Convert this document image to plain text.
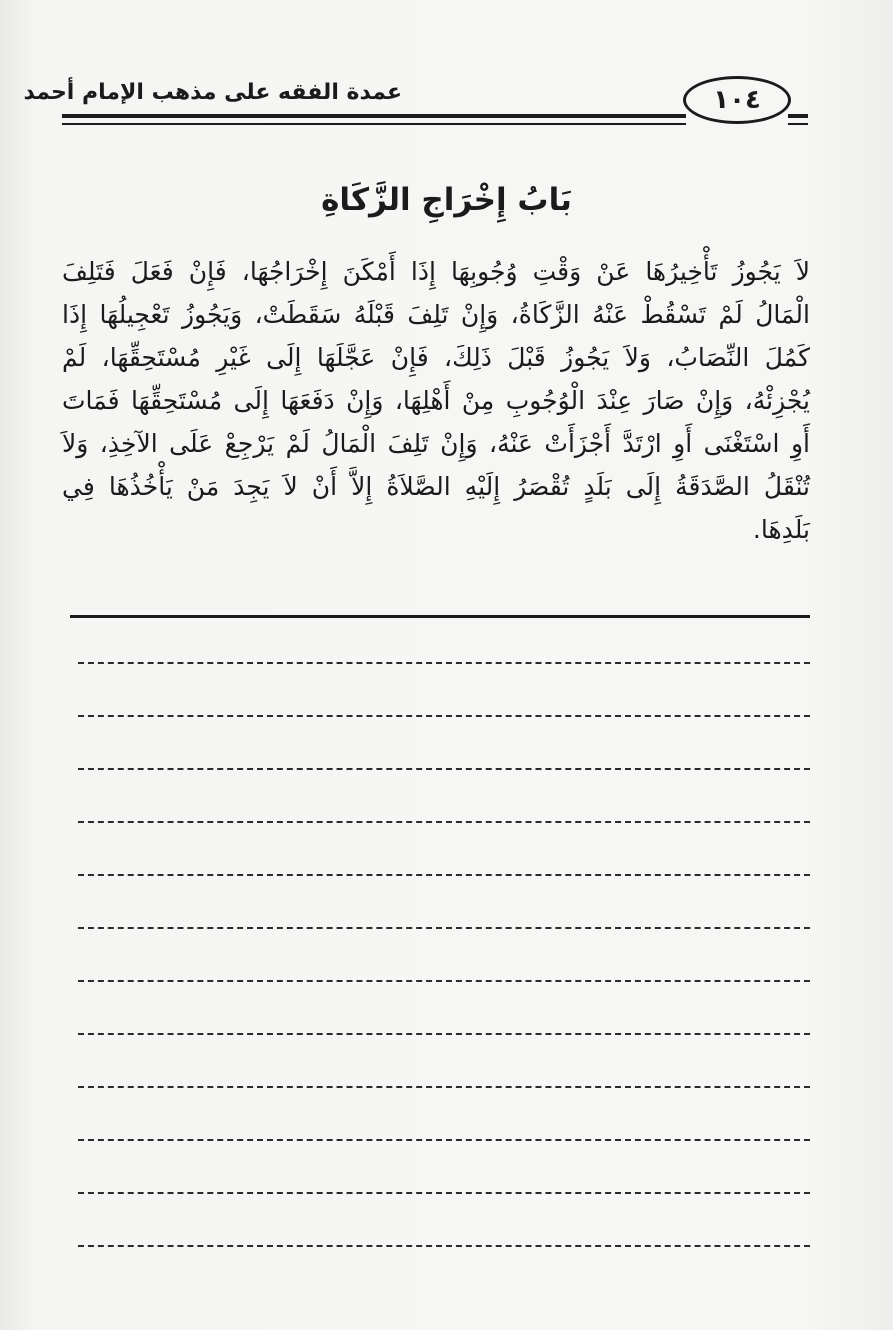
عمدة الفقه على مذهب الإمام أحمد	١٠٤
بَابُ إِخْرَاجِ الزَّكَاةِ
لاَ يَجُوزُ تَأْخِيرُهَا عَنْ وَقْتِ وُجُوبِهَا إِذَا أَمْكَنَ إِخْرَاجُهَا، فَإِنْ فَعَلَ فَتَلِفَ الْمَالُ لَمْ تَسْقُطْ عَنْهُ الزَّكَاةُ، وَإِنْ تَلِفَ قَبْلَهُ سَقَطَتْ، وَيَجُوزُ تَعْجِيلُهَا إِذَا كَمُلَ النِّصَابُ، وَلاَ يَجُوزُ قَبْلَ ذَلِكَ، فَإِنْ عَجَّلَهَا إِلَى غَيْرِ مُسْتَحِقِّهَا، لَمْ يُجْزِئْهُ، وَإِنْ صَارَ عِنْدَ الْوُجُوبِ مِنْ أَهْلِهَا، وَإِنْ دَفَعَهَا إِلَى مُسْتَحِقِّهَا فَمَاتَ أَوِ اسْتَغْنَى أَوِ ارْتَدَّ أَجْزَأَتْ عَنْهُ، وَإِنْ تَلِفَ الْمَالُ لَمْ يَرْجِعْ عَلَى الآخِذِ، وَلاَ تُنْقَلُ الصَّدَقَةُ إِلَى بَلَدٍ تُقْصَرُ إِلَيْهِ الصَّلاَةُ إِلاَّ أَنْ لاَ يَجِدَ مَنْ يَأْخُذُهَا فِي بَلَدِهَا.
